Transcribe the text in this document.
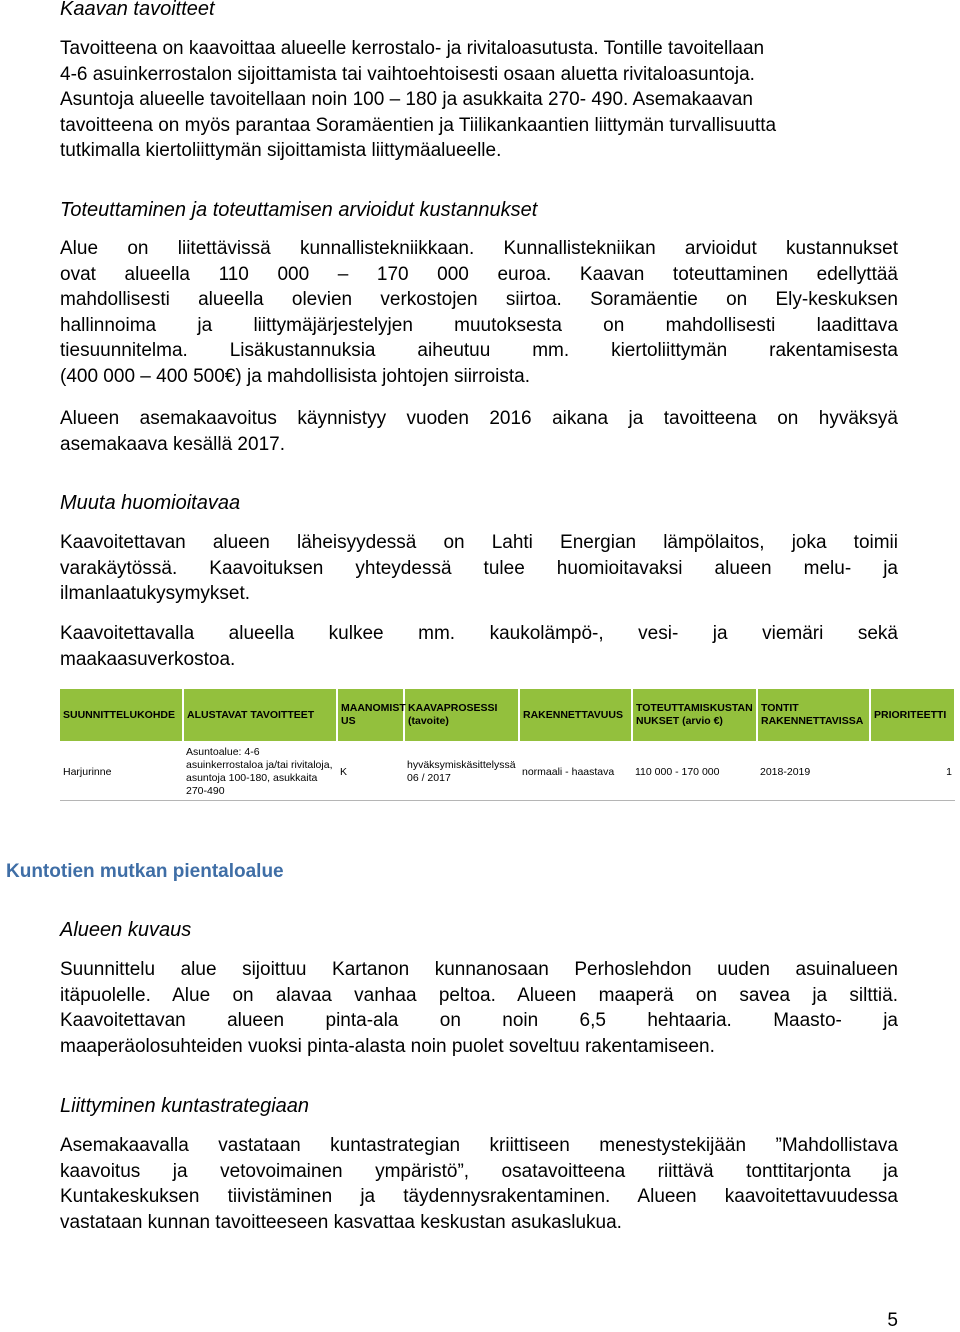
Kaavan tavoitteet
Tavoitteena on kaavoittaa alueelle kerrostalo- ja rivitaloasutusta. Tontille tavoitellaan
4-6 asuinkerrostalon sijoittamista tai vaihtoehtoisesti osaan aluetta rivitaloasuntoja.
Asuntoja alueelle tavoitellaan noin 100 – 180 ja asukkaita 270- 490. Asemakaavan
tavoitteena on myös parantaa Soramäentien ja Tiilikankaantien liittymän turvallisuutta
tutkimalla kiertoliittymän sijoittamista liittymäalueelle.
Toteuttaminen ja toteuttamisen arvioidut kustannukset
Alue on liitettävissä kunnallistekniikkaan. Kunnallistekniikan arvioidut kustannukset
ovat alueella 110 000 – 170 000 euroa. Kaavan toteuttaminen edellyttää
mahdollisesti alueella olevien verkostojen siirtoa. Soramäentie on Ely-keskuksen
hallinnoima ja liittymäjärjestelyjen muutoksesta on mahdollisesti laadittava
tiesuunnitelma. Lisäkustannuksia aiheutuu mm. kiertoliittymän rakentamisesta
(400 000 – 400 500€) ja mahdollisista johtojen siirroista.
Alueen asemakaavoitus käynnistyy vuoden 2016 aikana ja tavoitteena on hyväksyä
asemakaava kesällä 2017.
Muuta huomioitavaa
Kaavoitettavan alueen läheisyydessä on Lahti Energian lämpölaitos, joka toimii
varakäytössä. Kaavoituksen yhteydessä tulee huomioitavaksi alueen melu- ja
ilmanlaatukysymykset.
Kaavoitettavalla alueella kulkee mm. kaukolämpö-, vesi- ja viemäri sekä
maakaasuverkostoa.
SUUNNITTELUKOHDE	ALUSTAVAT TAVOITTEET	MAANOMIST US	KAAVAPROSESSI (tavoite)	RAKENNETTAVUUS	TOTEUTTAMISKUSTAN NUKSET (arvio €)	TONTIT RAKENNETTAVISSA	PRIORITEETTI
Harjurinne	Asuntoalue: 4-6 asuinkerrostaloa ja/tai rivitaloja, asuntoja 100-180, asukkaita 270-490	K	hyväksymiskäsittelyssä 06 / 2017	normaali - haastava	110 000 - 170 000	2018-2019	1
Kuntotien mutkan pientaloalue
Alueen kuvaus
Suunnittelu alue sijoittuu Kartanon kunnanosaan Perhoslehdon uuden asuinalueen
itäpuolelle. Alue on alavaa vanhaa peltoa. Alueen maaperä on savea ja silttiä.
Kaavoitettavan alueen pinta-ala on noin 6,5 hehtaaria. Maasto- ja
maaperäolosuhteiden vuoksi pinta-alasta noin puolet soveltuu rakentamiseen.
Liittyminen kuntastrategiaan
Asemakaavalla vastataan kuntastrategian kriittiseen menestystekijään ”Mahdollistava
kaavoitus ja vetovoimainen ympäristö”, osatavoitteena riittävä tonttitarjonta ja
Kuntakeskuksen tiivistäminen ja täydennysrakentaminen. Alueen kaavoitettavuudessa
vastataan kunnan tavoitteeseen kasvattaa keskustan asukaslukua.
5
